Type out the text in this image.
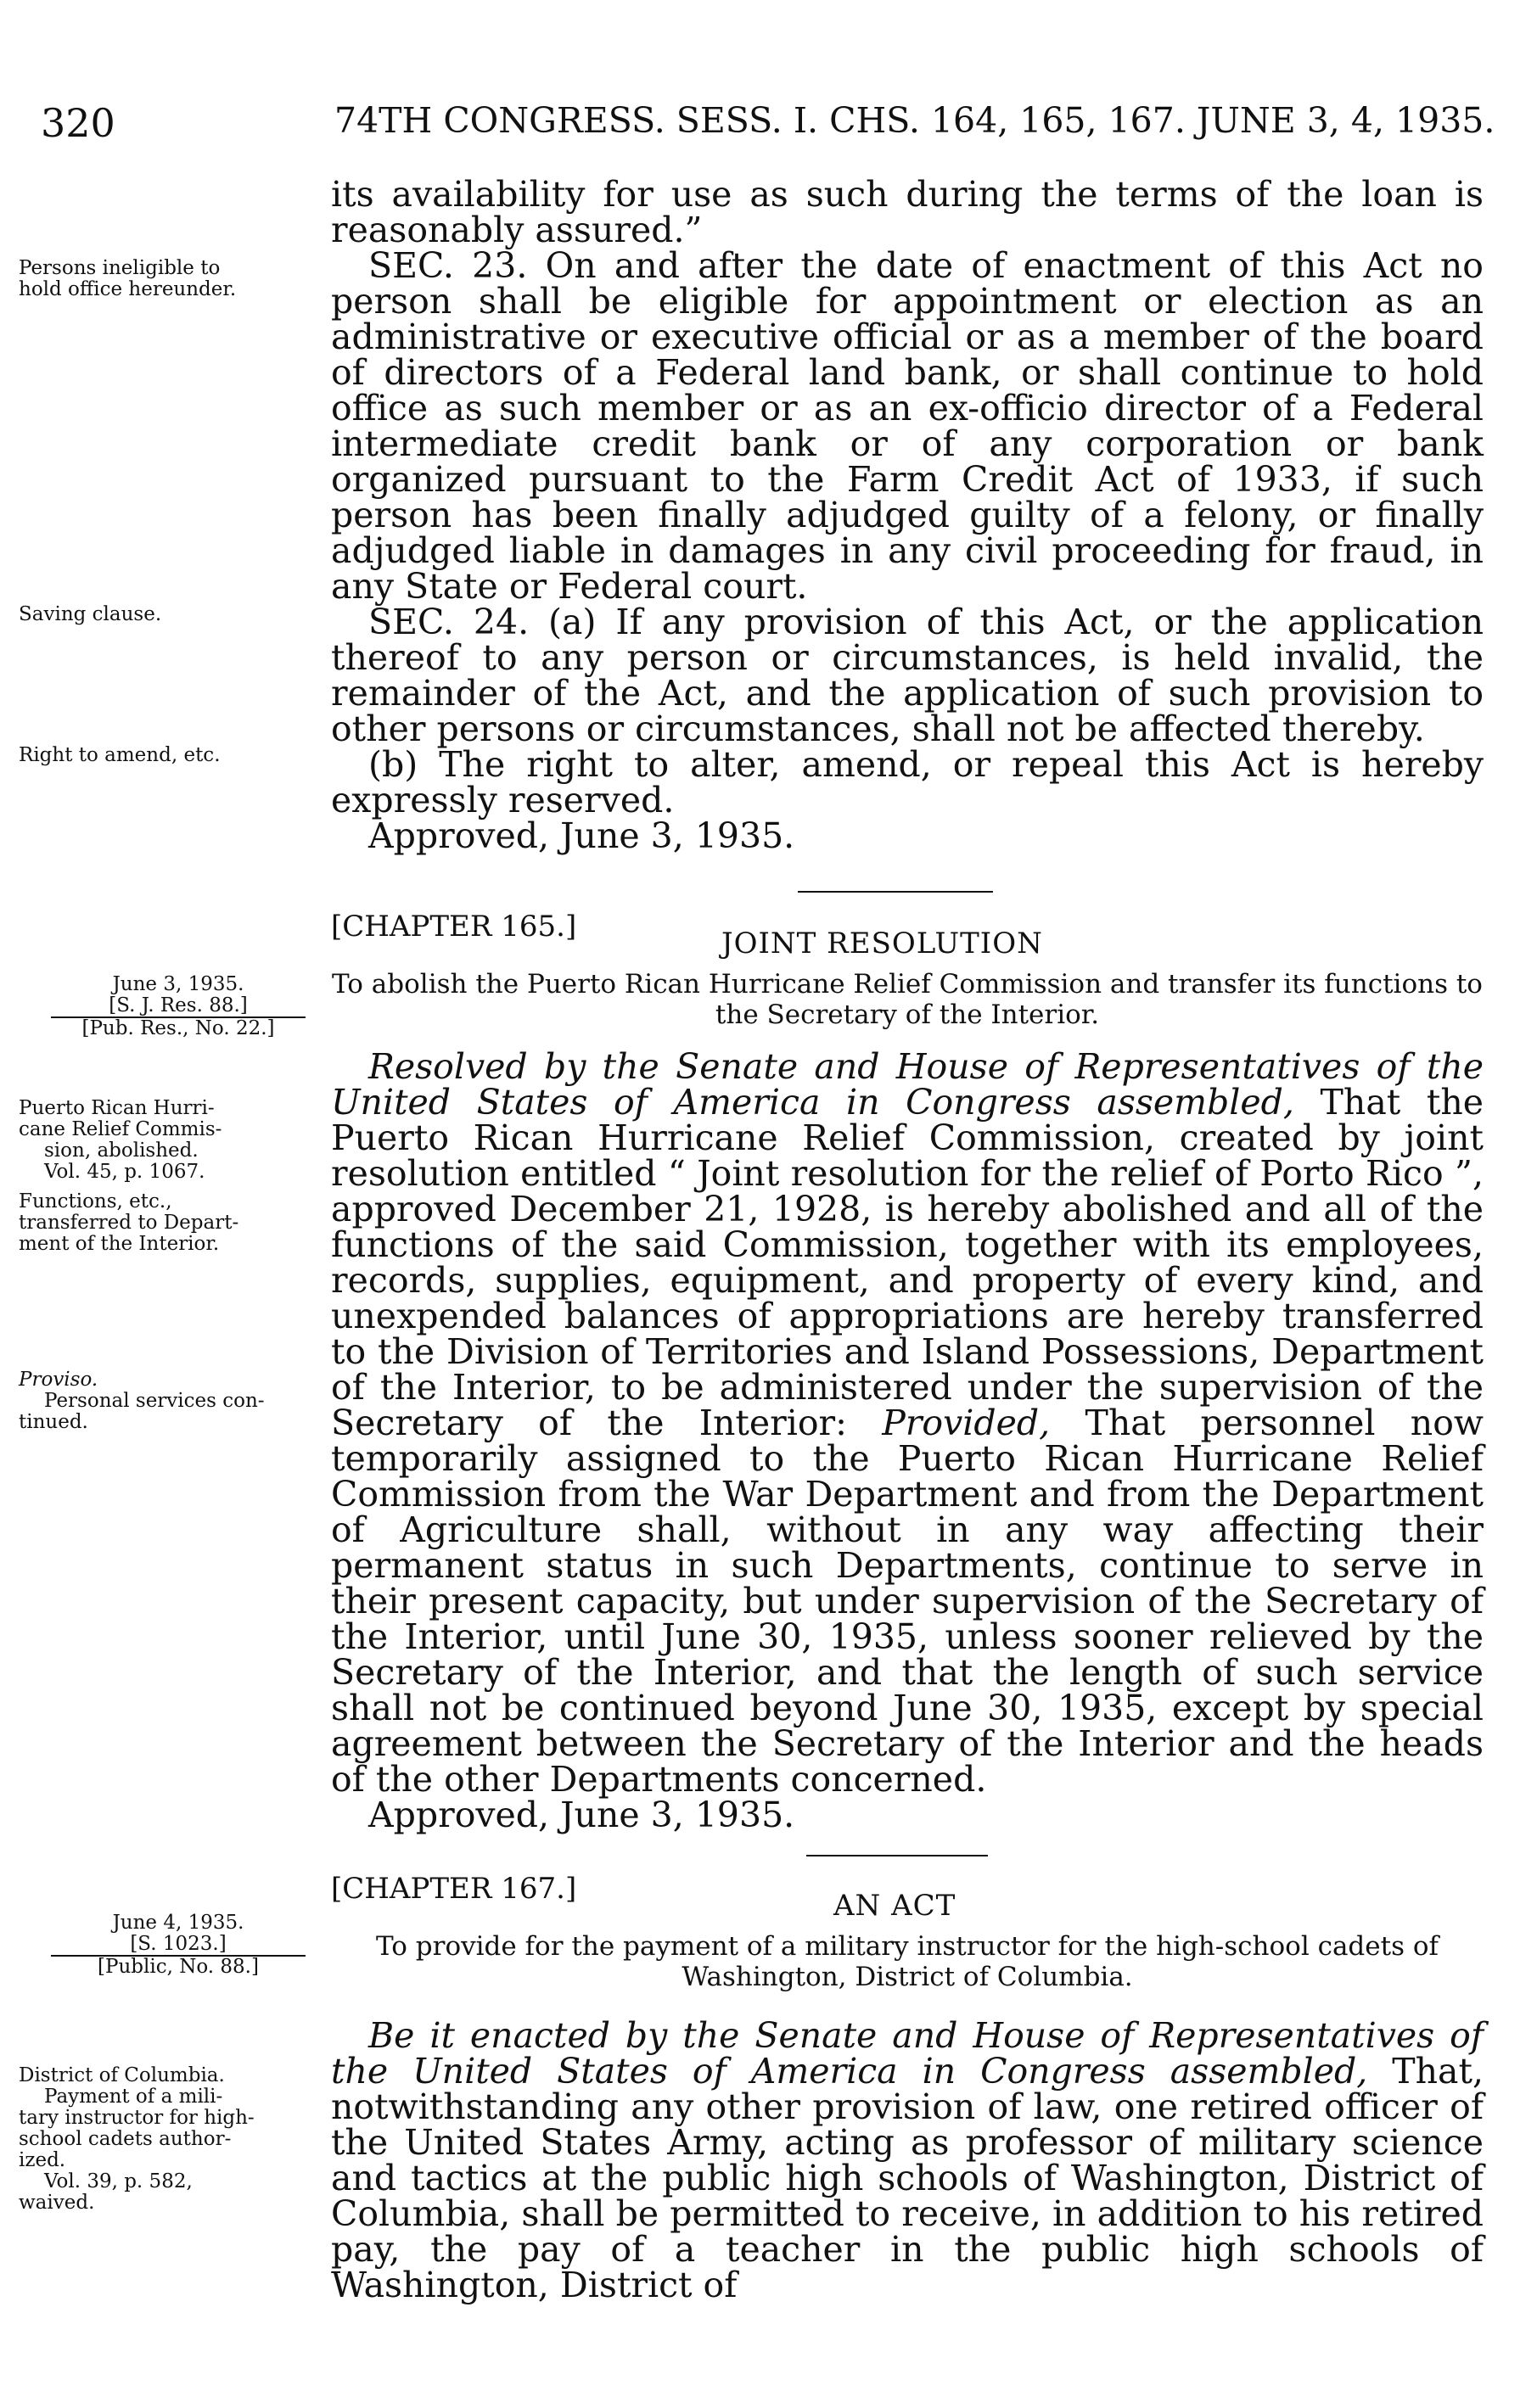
320	74TH CONGRESS. SESS. I. CHS. 164, 165, 167. JUNE 3, 4, 1935.

its availability for use as such during the terms of the loan is reasonably assured.”

SEC. 23. On and after the date of enactment of this Act no person shall be eligible for appointment or election as an administrative or executive official or as a member of the board of directors of a Federal land bank, or shall continue to hold office as such member or as an ex-officio director of a Federal intermediate credit bank or of any corporation or bank organized pursuant to the Farm Credit Act of 1933, if such person has been finally adjudged guilty of a felony, or finally adjudged liable in damages in any civil proceeding for fraud, in any State or Federal court.

SEC. 24. (a) If any provision of this Act, or the application thereof to any person or circumstances, is held invalid, the remainder of the Act, and the application of such provision to other persons or circumstances, shall not be affected thereby.

(b) The right to alter, amend, or repeal this Act is hereby expressly reserved.

Approved, June 3, 1935.

Persons ineligible to
hold office hereunder.
Saving clause.
Right to amend, etc.
[CHAPTER 165.]	JOINT RESOLUTION
To abolish the Puerto Rican Hurricane Relief Commission and transfer its functions to the Secretary of the Interior.
June 3, 1935.
[S. J. Res. 88.]
[Pub. Res., No. 22.]

Resolved by the Senate and House of Representatives of the United States of America in Congress assembled, That the Puerto Rican Hurricane Relief Commission, created by joint resolution entitled “ Joint resolution for the relief of Porto Rico ”, approved December 21, 1928, is hereby abolished and all of the functions of the said Commission, together with its employees, records, supplies, equipment, and property of every kind, and unexpended balances of appropriations are hereby transferred to the Division of Territories and Island Possessions, Department of the Interior, to be administered under the supervision of the Secretary of the Interior: Provided, That personnel now temporarily assigned to the Puerto Rican Hurricane Relief Commission from the War Department and from the Department of Agriculture shall, without in any way affecting their permanent status in such Departments, continue to serve in their present capacity, but under supervision of the Secretary of the Interior, until June 30, 1935, unless sooner relieved by the Secretary of the Interior, and that the length of such service shall not be continued beyond June 30, 1935, except by special agreement between the Secretary of the Interior and the heads of the other Departments concerned.

Approved, June 3, 1935.

Puerto Rican Hurri-
cane Relief Commis-
sion, abolished.
Vol. 45, p. 1067.
Functions, etc.,
transferred to Depart-
ment of the Interior.
Proviso.
Personal services con-
tinued.
[CHAPTER 167.]	AN ACT
To provide for the payment of a military instructor for the high-school cadets of Washington, District of Columbia.
June 4, 1935.
[S. 1023.]
[Public, No. 88.]

Be it enacted by the Senate and House of Representatives of the United States of America in Congress assembled, That, notwithstanding any other provision of law, one retired officer of the United States Army, acting as professor of military science and tactics at the public high schools of Washington, District of Columbia, shall be permitted to receive, in addition to his retired pay, the pay of a teacher in the public high schools of Washington, District of

District of Columbia.
Payment of a mili-
tary instructor for high-
school cadets author-
ized.
Vol. 39, p. 582,
waived.
